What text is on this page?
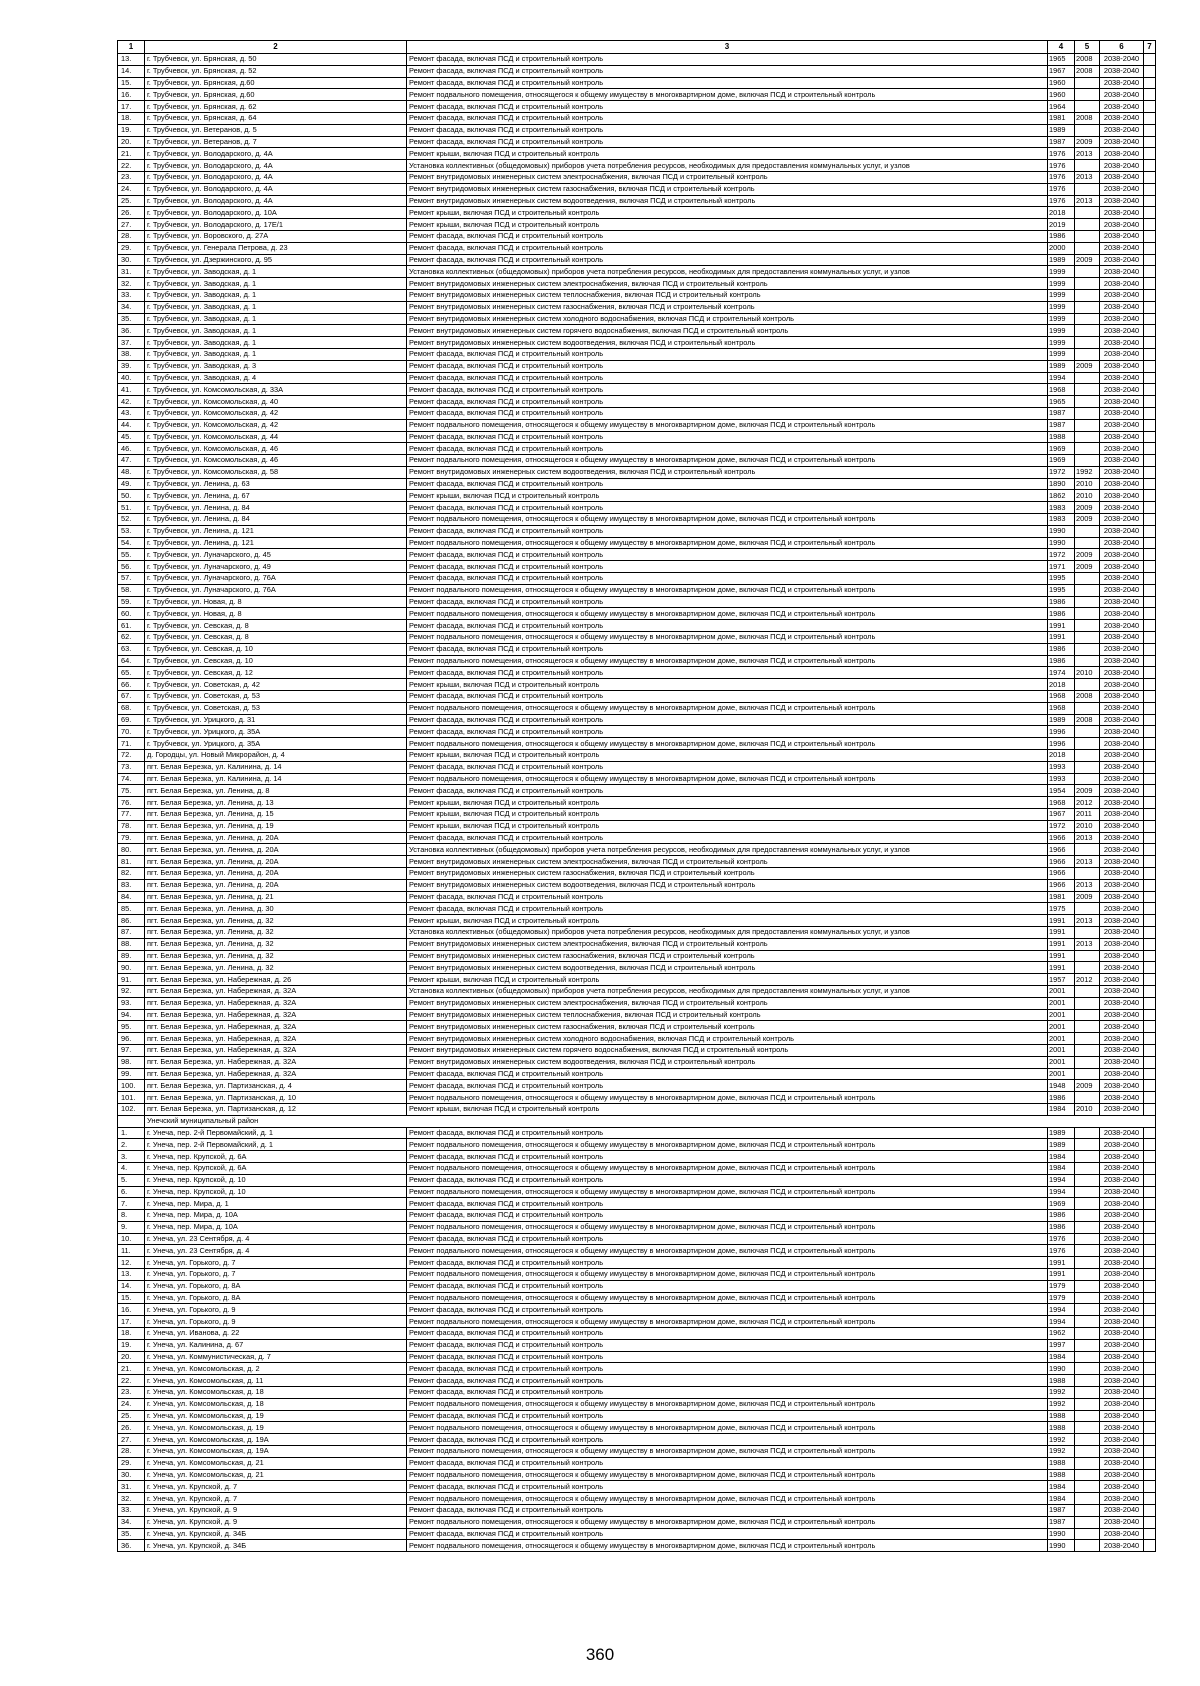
1	2	3	4	5	6	7
13.	г. Трубчевск, ул. Брянская, д. 50	Ремонт фасада, включая ПСД и строительный контроль	1965	2008	2038-2040	
14.	г. Трубчевск, ул. Брянская, д. 52	Ремонт фасада, включая ПСД и строительный контроль	1967	2008	2038-2040	
15.	г. Трубчевск, ул. Брянская, д.60	Ремонт фасада, включая ПСД и строительный контроль	1960		2038-2040	
16.	г. Трубчевск, ул. Брянская, д.60	Ремонт подвального помещения, относящегося к общему имуществу в многоквартирном доме, включая ПСД и строительный контроль	1960		2038-2040	
17.	г. Трубчевск, ул. Брянская, д. 62	Ремонт фасада, включая ПСД и строительный контроль	1964		2038-2040	
18.	г. Трубчевск, ул. Брянская, д. 64	Ремонт фасада, включая ПСД и строительный контроль	1981	2008	2038-2040	
19.	г. Трубчевск, ул. Ветеранов, д. 5	Ремонт фасада, включая ПСД и строительный контроль	1989		2038-2040	
20.	г. Трубчевск, ул. Ветеранов, д. 7	Ремонт фасада, включая ПСД и строительный контроль	1987	2009	2038-2040	
21.	г. Трубчевск, ул. Володарского, д. 4А	Ремонт крыши, включая ПСД и строительный контроль	1976	2013	2038-2040	
22.	г. Трубчевск, ул. Володарского, д. 4А	Установка коллективных (общедомовых) приборов учета потребления ресурсов, необходимых для предоставления коммунальных услуг, и узлов	1976		2038-2040	
23.	г. Трубчевск, ул. Володарского, д. 4А	Ремонт внутридомовых инженерных систем электроснабжения, включая ПСД и строительный контроль	1976	2013	2038-2040	
24.	г. Трубчевск, ул. Володарского, д. 4А	Ремонт внутридомовых инженерных систем газоснабжения, включая ПСД и строительный контроль	1976		2038-2040	
25.	г. Трубчевск, ул. Володарского, д. 4А	Ремонт внутридомовых инженерных систем водоотведения, включая ПСД и строительный контроль	1976	2013	2038-2040	
26.	г. Трубчевск, ул. Володарского, д. 10А	Ремонт крыши, включая ПСД и строительный контроль	2018		2038-2040	
27.	г. Трубчевск, ул. Володарского, д. 17Е/1	Ремонт крыши, включая ПСД и строительный контроль	2019		2038-2040	
28.	г. Трубчевск, ул. Воровского, д. 27А	Ремонт фасада, включая ПСД и строительный контроль	1986		2038-2040	
29.	г. Трубчевск, ул. Генерала Петрова, д. 23	Ремонт фасада, включая ПСД и строительный контроль	2000		2038-2040	
30.	г. Трубчевск, ул. Дзержинского, д. 95	Ремонт фасада, включая ПСД и строительный контроль	1989	2009	2038-2040	
31.	г. Трубчевск, ул. Заводская, д. 1	Установка коллективных (общедомовых) приборов учета потребления ресурсов, необходимых для предоставления коммунальных услуг, и узлов	1999		2038-2040	
32.	г. Трубчевск, ул. Заводская, д. 1	Ремонт внутридомовых инженерных систем электроснабжения, включая ПСД и строительный контроль	1999		2038-2040	
33.	г. Трубчевск, ул. Заводская, д. 1	Ремонт внутридомовых инженерных систем теплоснабжения, включая ПСД и строительный контроль	1999		2038-2040	
34.	г. Трубчевск, ул. Заводская, д. 1	Ремонт внутридомовых инженерных систем газоснабжения, включая ПСД и строительный контроль	1999		2038-2040	
35.	г. Трубчевск, ул. Заводская, д. 1	Ремонт внутридомовых инженерных систем холодного водоснабжения, включая ПСД и строительный контроль	1999		2038-2040	
36.	г. Трубчевск, ул. Заводская, д. 1	Ремонт внутридомовых инженерных систем горячего водоснабжения, включая ПСД и строительный контроль	1999		2038-2040	
37.	г. Трубчевск, ул. Заводская, д. 1	Ремонт внутридомовых инженерных систем водоотведения, включая ПСД и строительный контроль	1999		2038-2040	
38.	г. Трубчевск, ул. Заводская, д. 1	Ремонт фасада, включая ПСД и строительный контроль	1999		2038-2040	
39.	г. Трубчевск, ул. Заводская, д. 3	Ремонт фасада, включая ПСД и строительный контроль	1989	2009	2038-2040	
40.	г. Трубчевск, ул. Заводская, д. 4	Ремонт фасада, включая ПСД и строительный контроль	1994		2038-2040	
41.	г. Трубчевск, ул. Комсомольская, д. 33А	Ремонт фасада, включая ПСД и строительный контроль	1968		2038-2040	
42.	г. Трубчевск, ул. Комсомольская, д. 40	Ремонт фасада, включая ПСД и строительный контроль	1965		2038-2040	
43.	г. Трубчевск, ул. Комсомольская, д. 42	Ремонт фасада, включая ПСД и строительный контроль	1987		2038-2040	
44.	г. Трубчевск, ул. Комсомольская, д. 42	Ремонт подвального помещения, относящегося к общему имуществу в многоквартирном доме, включая ПСД и строительный контроль	1987		2038-2040	
45.	г. Трубчевск, ул. Комсомольская, д. 44	Ремонт фасада, включая ПСД и строительный контроль	1988		2038-2040	
46.	г. Трубчевск, ул. Комсомольская, д. 46	Ремонт фасада, включая ПСД и строительный контроль	1969		2038-2040	
47.	г. Трубчевск, ул. Комсомольская, д. 46	Ремонт подвального помещения, относящегося к общему имуществу в многоквартирном доме, включая ПСД и строительный контроль	1969		2038-2040	
48.	г. Трубчевск, ул. Комсомольская, д. 58	Ремонт внутридомовых инженерных систем водоотведения, включая ПСД и строительный контроль	1972	1992	2038-2040	
49.	г. Трубчевск, ул. Ленина, д. 63	Ремонт фасада, включая ПСД и строительный контроль	1890	2010	2038-2040	
50.	г. Трубчевск, ул. Ленина, д. 67	Ремонт крыши, включая ПСД и строительный контроль	1862	2010	2038-2040	
51.	г. Трубчевск, ул. Ленина, д. 84	Ремонт фасада, включая ПСД и строительный контроль	1983	2009	2038-2040	
52.	г. Трубчевск, ул. Ленина, д. 84	Ремонт подвального помещения, относящегося к общему имуществу в многоквартирном доме, включая ПСД и строительный контроль	1983	2009	2038-2040	
53.	г. Трубчевск, ул. Ленина, д. 121	Ремонт фасада, включая ПСД и строительный контроль	1990		2038-2040	
54.	г. Трубчевск, ул. Ленина, д. 121	Ремонт подвального помещения, относящегося к общему имуществу в многоквартирном доме, включая ПСД и строительный контроль	1990		2038-2040	
55.	г. Трубчевск, ул. Луначарского, д. 45	Ремонт фасада, включая ПСД и строительный контроль	1972	2009	2038-2040	
56.	г. Трубчевск, ул. Луначарского, д. 49	Ремонт фасада, включая ПСД и строительный контроль	1971	2009	2038-2040	
57.	г. Трубчевск, ул. Луначарского, д. 76А	Ремонт фасада, включая ПСД и строительный контроль	1995		2038-2040	
58.	г. Трубчевск, ул. Луначарского, д. 76А	Ремонт подвального помещения, относящегося к общему имуществу в многоквартирном доме, включая ПСД и строительный контроль	1995		2038-2040	
59.	г. Трубчевск, ул. Новая, д. 8	Ремонт фасада, включая ПСД и строительный контроль	1986		2038-2040	
60.	г. Трубчевск, ул. Новая, д. 8	Ремонт подвального помещения, относящегося к общему имуществу в многоквартирном доме, включая ПСД и строительный контроль	1986		2038-2040	
61.	г. Трубчевск, ул. Севская, д. 8	Ремонт фасада, включая ПСД и строительный контроль	1991		2038-2040	
62.	г. Трубчевск, ул. Севская, д. 8	Ремонт подвального помещения, относящегося к общему имуществу в многоквартирном доме, включая ПСД и строительный контроль	1991		2038-2040	
63.	г. Трубчевск, ул. Севская, д. 10	Ремонт фасада, включая ПСД и строительный контроль	1986		2038-2040	
64.	г. Трубчевск, ул. Севская, д. 10	Ремонт подвального помещения, относящегося к общему имуществу в многоквартирном доме, включая ПСД и строительный контроль	1986		2038-2040	
65.	г. Трубчевск, ул. Севская, д. 12	Ремонт фасада, включая ПСД и строительный контроль	1974	2010	2038-2040	
66.	г. Трубчевск, ул. Советская, д. 42	Ремонт крыши, включая ПСД и строительный контроль	2018		2038-2040	
67.	г. Трубчевск, ул. Советская, д. 53	Ремонт фасада, включая ПСД и строительный контроль	1968	2008	2038-2040	
68.	г. Трубчевск, ул. Советская, д. 53	Ремонт подвального помещения, относящегося к общему имуществу в многоквартирном доме, включая ПСД и строительный контроль	1968		2038-2040	
69.	г. Трубчевск, ул. Урицкого, д. 31	Ремонт фасада, включая ПСД и строительный контроль	1989	2008	2038-2040	
70.	г. Трубчевск, ул. Урицкого, д. 35А	Ремонт фасада, включая ПСД и строительный контроль	1996		2038-2040	
71.	г. Трубчевск, ул. Урицкого, д. 35А	Ремонт подвального помещения, относящегося к общему имуществу в многоквартирном доме, включая ПСД и строительный контроль	1996		2038-2040	
72.	д. Городцы, ул. Новый Микрорайон, д. 4	Ремонт крыши, включая ПСД и строительный контроль	2018		2038-2040	
73.	пгт. Белая Березка, ул. Калинина, д. 14	Ремонт фасада, включая ПСД и строительный контроль	1993		2038-2040	
74.	пгт. Белая Березка, ул. Калинина, д. 14	Ремонт подвального помещения, относящегося к общему имуществу в многоквартирном доме, включая ПСД и строительный контроль	1993		2038-2040	
75.	пгт. Белая Березка, ул. Ленина, д. 8	Ремонт фасада, включая ПСД и строительный контроль	1954	2009	2038-2040	
76.	пгт. Белая Березка, ул. Ленина, д. 13	Ремонт крыши, включая ПСД и строительный контроль	1968	2012	2038-2040	
77.	пгт. Белая Березка, ул. Ленина, д. 15	Ремонт крыши, включая ПСД и строительный контроль	1967	2011	2038-2040	
78.	пгт. Белая Березка, ул. Ленина, д. 19	Ремонт крыши, включая ПСД и строительный контроль	1972	2010	2038-2040	
79.	пгт. Белая Березка, ул. Ленина, д. 20А	Ремонт фасада, включая ПСД и строительный контроль	1966	2013	2038-2040	
80.	пгт. Белая Березка, ул. Ленина, д. 20А	Установка коллективных (общедомовых) приборов учета потребления ресурсов, необходимых для предоставления коммунальных услуг, и узлов	1966		2038-2040	
81.	пгт. Белая Березка, ул. Ленина, д. 20А	Ремонт внутридомовых инженерных систем электроснабжения, включая ПСД и строительный контроль	1966	2013	2038-2040	
82.	пгт. Белая Березка, ул. Ленина, д. 20А	Ремонт внутридомовых инженерных систем газоснабжения, включая ПСД и строительный контроль	1966		2038-2040	
83.	пгт. Белая Березка, ул. Ленина, д. 20А	Ремонт внутридомовых инженерных систем водоотведения, включая ПСД и строительный контроль	1966	2013	2038-2040	
84.	пгт. Белая Березка, ул. Ленина, д. 21	Ремонт фасада, включая ПСД и строительный контроль	1981	2009	2038-2040	
85.	пгт. Белая Березка, ул. Ленина, д. 30	Ремонт фасада, включая ПСД и строительный контроль	1975		2038-2040	
86.	пгт. Белая Березка, ул. Ленина, д. 32	Ремонт крыши, включая ПСД и строительный контроль	1991	2013	2038-2040	
87.	пгт. Белая Березка, ул. Ленина, д. 32	Установка коллективных (общедомовых) приборов учета потребления ресурсов, необходимых для предоставления коммунальных услуг, и узлов	1991		2038-2040	
88.	пгт. Белая Березка, ул. Ленина, д. 32	Ремонт внутридомовых инженерных систем электроснабжения, включая ПСД и строительный контроль	1991	2013	2038-2040	
89.	пгт. Белая Березка, ул. Ленина, д. 32	Ремонт внутридомовых инженерных систем газоснабжения, включая ПСД и строительный контроль	1991		2038-2040	
90.	пгт. Белая Березка, ул. Ленина, д. 32	Ремонт внутридомовых инженерных систем водоотведения, включая ПСД и строительный контроль	1991		2038-2040	
91.	пгт. Белая Березка, ул. Набережная, д. 26	Ремонт крыши, включая ПСД и строительный контроль	1957	2012	2038-2040	
92.	пгт. Белая Березка, ул. Набережная, д. 32А	Установка коллективных (общедомовых) приборов учета потребления ресурсов, необходимых для предоставления коммунальных услуг, и узлов	2001		2038-2040	
93.	пгт. Белая Березка, ул. Набережная, д. 32А	Ремонт внутридомовых инженерных систем электроснабжения, включая ПСД и строительный контроль	2001		2038-2040	
94.	пгт. Белая Березка, ул. Набережная, д. 32А	Ремонт внутридомовых инженерных систем теплоснабжения, включая ПСД и строительный контроль	2001		2038-2040	
95.	пгт. Белая Березка, ул. Набережная, д. 32А	Ремонт внутридомовых инженерных систем газоснабжения, включая ПСД и строительный контроль	2001		2038-2040	
96.	пгт. Белая Березка, ул. Набережная, д. 32А	Ремонт внутридомовых инженерных систем холодного водоснабжения, включая ПСД и строительный контроль	2001		2038-2040	
97.	пгт. Белая Березка, ул. Набережная, д. 32А	Ремонт внутридомовых инженерных систем горячего водоснабжения, включая ПСД и строительный контроль	2001		2038-2040	
98.	пгт. Белая Березка, ул. Набережная, д. 32А	Ремонт внутридомовых инженерных систем водоотведения, включая ПСД и строительный контроль	2001		2038-2040	
99.	пгт. Белая Березка, ул. Набережная, д. 32А	Ремонт фасада, включая ПСД и строительный контроль	2001		2038-2040	
100.	пгт. Белая Березка, ул. Партизанская, д. 4	Ремонт фасада, включая ПСД и строительный контроль	1948	2009	2038-2040	
101.	пгт. Белая Березка, ул. Партизанская, д. 10	Ремонт подвального помещения, относящегося к общему имуществу в многоквартирном доме, включая ПСД и строительный контроль	1986		2038-2040	
102.	пгт. Белая Березка, ул. Партизанская, д. 12	Ремонт крыши, включая ПСД и строительный контроль	1984	2010	2038-2040	
	Унечский муниципальный район					
1.	г. Унеча, пер. 2-й Первомайский, д. 1	Ремонт фасада, включая ПСД и строительный контроль	1989		2038-2040	
2.	г. Унеча, пер. 2-й Первомайский, д. 1	Ремонт подвального помещения, относящегося к общему имуществу в многоквартирном доме, включая ПСД и строительный контроль	1989		2038-2040	
3.	г. Унеча, пер. Крупской, д. 6А	Ремонт фасада, включая ПСД и строительный контроль	1984		2038-2040	
4.	г. Унеча, пер. Крупской, д. 6А	Ремонт подвального помещения, относящегося к общему имуществу в многоквартирном доме, включая ПСД и строительный контроль	1984		2038-2040	
5.	г. Унеча, пер. Крупской, д. 10	Ремонт фасада, включая ПСД и строительный контроль	1994		2038-2040	
6.	г. Унеча, пер. Крупской, д. 10	Ремонт подвального помещения, относящегося к общему имуществу в многоквартирном доме, включая ПСД и строительный контроль	1994		2038-2040	
7.	г. Унеча, пер. Мира, д. 1	Ремонт фасада, включая ПСД и строительный контроль	1969		2038-2040	
8.	г. Унеча, пер. Мира, д. 10А	Ремонт фасада, включая ПСД и строительный контроль	1986		2038-2040	
9.	г. Унеча, пер. Мира, д. 10А	Ремонт подвального помещения, относящегося к общему имуществу в многоквартирном доме, включая ПСД и строительный контроль	1986		2038-2040	
10.	г. Унеча, ул. 23 Сентября, д. 4	Ремонт фасада, включая ПСД и строительный контроль	1976		2038-2040	
11.	г. Унеча, ул. 23 Сентября, д. 4	Ремонт подвального помещения, относящегося к общему имуществу в многоквартирном доме, включая ПСД и строительный контроль	1976		2038-2040	
12.	г. Унеча, ул. Горького, д. 7	Ремонт фасада, включая ПСД и строительный контроль	1991		2038-2040	
13.	г. Унеча, ул. Горького, д. 7	Ремонт подвального помещения, относящегося к общему имуществу в многоквартирном доме, включая ПСД и строительный контроль	1991		2038-2040	
14.	г. Унеча, ул. Горького, д. 8А	Ремонт фасада, включая ПСД и строительный контроль	1979		2038-2040	
15.	г. Унеча, ул. Горького, д. 8А	Ремонт подвального помещения, относящегося к общему имуществу в многоквартирном доме, включая ПСД и строительный контроль	1979		2038-2040	
16.	г. Унеча, ул. Горького, д. 9	Ремонт фасада, включая ПСД и строительный контроль	1994		2038-2040	
17.	г. Унеча, ул. Горького, д. 9	Ремонт подвального помещения, относящегося к общему имуществу в многоквартирном доме, включая ПСД и строительный контроль	1994		2038-2040	
18.	г. Унеча, ул. Иванова, д. 22	Ремонт фасада, включая ПСД и строительный контроль	1962		2038-2040	
19.	г. Унеча, ул. Калинина, д. 67	Ремонт фасада, включая ПСД и строительный контроль	1997		2038-2040	
20.	г. Унеча, ул. Коммунистическая, д. 7	Ремонт фасада, включая ПСД и строительный контроль	1984		2038-2040	
21.	г. Унеча, ул. Комсомольская, д. 2	Ремонт фасада, включая ПСД и строительный контроль	1990		2038-2040	
22.	г. Унеча, ул. Комсомольская, д. 11	Ремонт фасада, включая ПСД и строительный контроль	1988		2038-2040	
23.	г. Унеча, ул. Комсомольская, д. 18	Ремонт фасада, включая ПСД и строительный контроль	1992		2038-2040	
24.	г. Унеча, ул. Комсомольская, д. 18	Ремонт подвального помещения, относящегося к общему имуществу в многоквартирном доме, включая ПСД и строительный контроль	1992		2038-2040	
25.	г. Унеча, ул. Комсомольская, д. 19	Ремонт фасада, включая ПСД и строительный контроль	1988		2038-2040	
26.	г. Унеча, ул. Комсомольская, д. 19	Ремонт подвального помещения, относящегося к общему имуществу в многоквартирном доме, включая ПСД и строительный контроль	1988		2038-2040	
27.	г. Унеча, ул. Комсомольская, д. 19А	Ремонт фасада, включая ПСД и строительный контроль	1992		2038-2040	
28.	г. Унеча, ул. Комсомольская, д. 19А	Ремонт подвального помещения, относящегося к общему имуществу в многоквартирном доме, включая ПСД и строительный контроль	1992		2038-2040	
29.	г. Унеча, ул. Комсомольская, д. 21	Ремонт фасада, включая ПСД и строительный контроль	1988		2038-2040	
30.	г. Унеча, ул. Комсомольская, д. 21	Ремонт подвального помещения, относящегося к общему имуществу в многоквартирном доме, включая ПСД и строительный контроль	1988		2038-2040	
31.	г. Унеча, ул. Крупской, д. 7	Ремонт фасада, включая ПСД и строительный контроль	1984		2038-2040	
32.	г. Унеча, ул. Крупской, д. 7	Ремонт подвального помещения, относящегося к общему имуществу в многоквартирном доме, включая ПСД и строительный контроль	1984		2038-2040	
33.	г. Унеча, ул. Крупской, д. 9	Ремонт фасада, включая ПСД и строительный контроль	1987		2038-2040	
34.	г. Унеча, ул. Крупской, д. 9	Ремонт подвального помещения, относящегося к общему имуществу в многоквартирном доме, включая ПСД и строительный контроль	1987		2038-2040	
35.	г. Унеча, ул. Крупской, д. 34Б	Ремонт фасада, включая ПСД и строительный контроль	1990		2038-2040	
36.	г. Унеча, ул. Крупской, д. 34Б	Ремонт подвального помещения, относящегося к общему имуществу в многоквартирном доме, включая ПСД и строительный контроль	1990		2038-2040	
360
